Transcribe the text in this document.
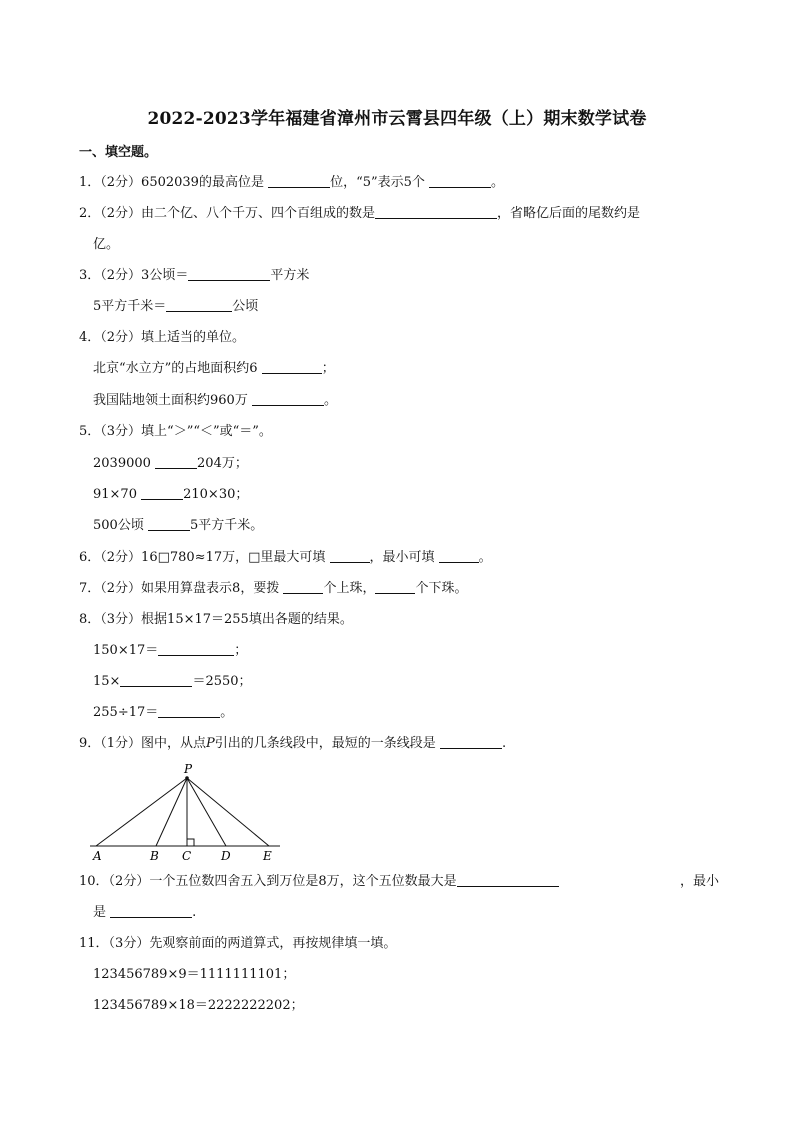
2022-2023学年福建省漳州市云霄县四年级（上）期末数学试卷
一、填空题。
1．（2分）6502039的最高位是	位，“5”表示5个	。
2．（2分）由二个亿、八个千万、四个百组成的数是	，省略亿后面的尾数约是
亿。
3．（2分）3公顷＝	平方米
5平方千米＝	公顷
4．（2分）填上适当的单位。
北京“水立方”的占地面积约6	；
我国陆地领土面积约960万	。
5．（3分）填上“＞”“＜”或“＝”。
2039000	204万；
91×70	210×30；
500公顷	5平方千米。
6．（2分）16□780≈17万，□里最大可填	，最小可填	。
7．（2分）如果用算盘表示8，要拨	个上珠，	个下珠。
8．（3分）根据15×17＝255填出各题的结果。
150×17＝	；
15×	＝2550；
255÷17＝	。
9．（1分）图中，从点P引出的几条线段中，最短的一条线段是	.
P
A	B C D	E
10．（2分）一个五位数四舍五入到万位是8万，这个五位数最大是	，最小
是	.
11．（3分）先观察前面的两道算式，再按规律填一填。
123456789×9＝1111111101；
123456789×18＝2222222202；
